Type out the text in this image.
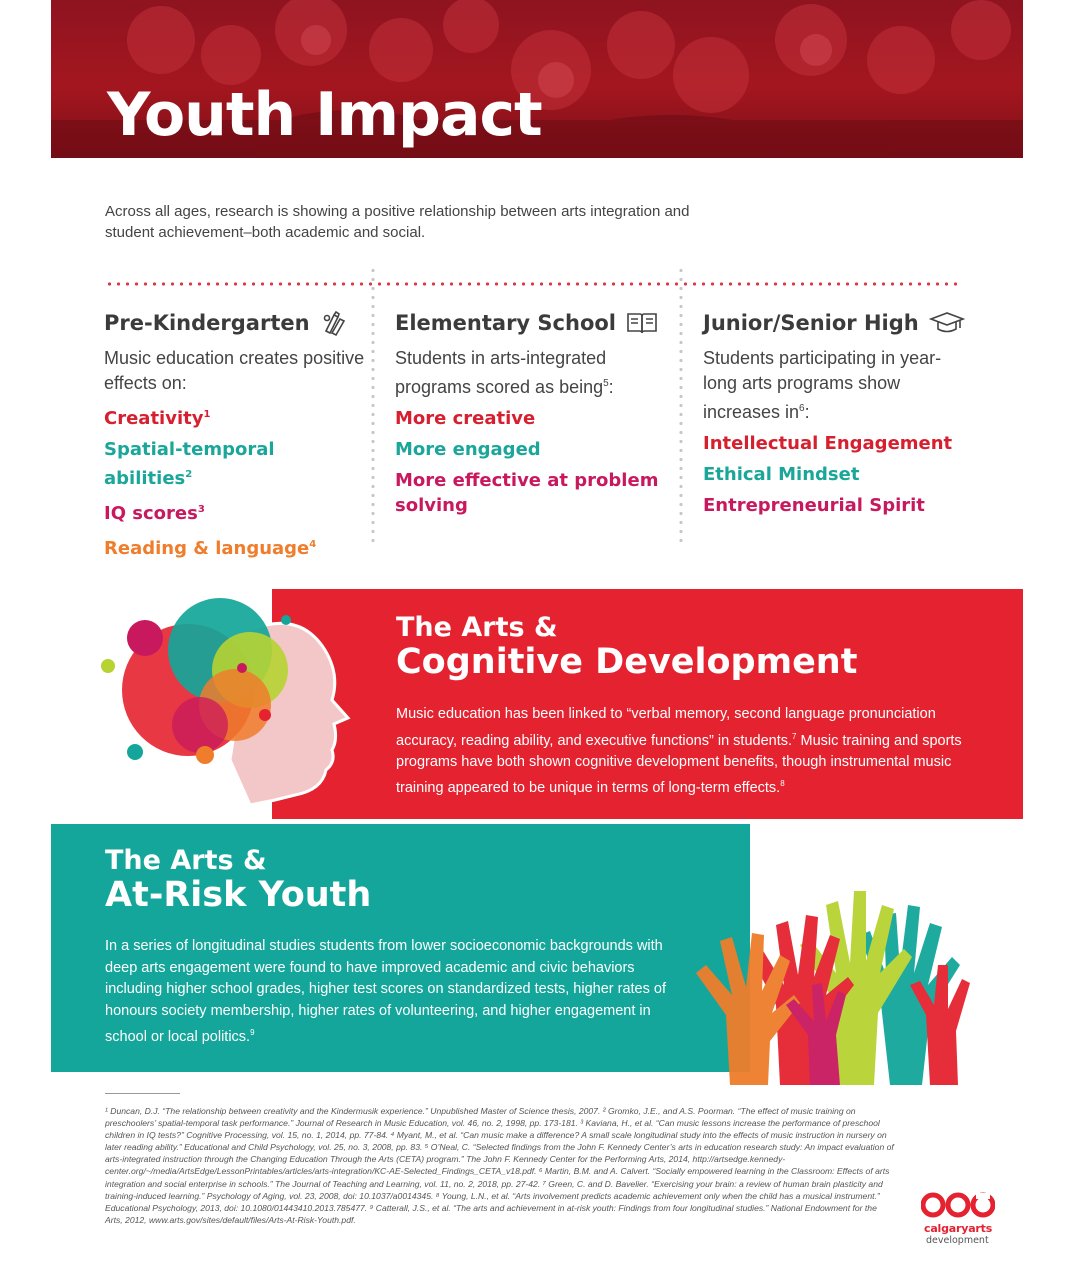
Youth Impact

Across all ages, research is showing a positive relationship between arts integration and student achievement–both academic and social.

Pre-Kindergarten
Music education creates positive effects on:
Creativity$^1$
Spatial-temporal abilities$^2$
IQ scores$^3$
Reading & language$^4$
Elementary School
Students in arts-integrated programs scored as being$^5$:
More creative
More engaged
More effective at problem solving
Junior/Senior High
Students participating in year-long arts programs show increases $in^6$:
Intellectual Engagement
Ethical Mindset
Entrepreneurial Spirit
The Arts &
Cognitive Development

Music education has been linked to “verbal memory, second language pronunciation accuracy, reading ability, and executive functions” in students.$^7$ Music training and sports programs have both shown cognitive development benefits, though instrumental music training appeared to be unique in terms of long-term effects.$^8$

The Arts &
At-Risk Youth

In a series of longitudinal studies students from lower socioeconomic backgrounds with deep arts engagement were found to have improved academic and civic behaviors including higher school grades, higher test scores on standardized tests, higher rates of honours society membership, higher rates of volunteering, and higher engagement in school or local politics.$^9$

¹ Duncan, D.J. “The relationship between creativity and the Kindermusik experience.” Unpublished Master of Science thesis, 2007. ² Gromko, J.E., and A.S. Poorman. “The effect of music training on preschoolers’ spatial-temporal task performance.” Journal of Research in Music Education, vol. 46, no. 2, 1998, pp. 173-181. ³ Kaviana, H., et al. “Can music lessons increase the performance of preschool children in IQ tests?” Cognitive Processing, vol. 15, no. 1, 2014, pp. 77-84. ⁴ Myant, M., et al. “Can music make a difference? A small scale longitudinal study into the effects of music instruction in nursery on later reading ability.” Educational and Child Psychology, vol. 25, no. 3, 2008, pp. 83. ⁵ O’Neal, C. “Selected findings from the John F. Kennedy Center’s arts in education research study: An impact evaluation of arts-integrated instruction through the Changing Education Through the Arts (CETA) program.” The John F. Kennedy Center for the Performing Arts, 2014, http://artsedge.kennedy-center.org/~/media/ArtsEdge/LessonPrintables/articles/arts-integration/KC-AE-Selected_Findings_CETA_v18.pdf. ⁶ Martin, B.M. and A. Calvert. “Socially empowered learning in the Classroom: Effects of arts integration and social enterprise in schools.” The Journal of Teaching and Learning, vol. 11, no. 2, 2018, pp. 27-42. ⁷ Green, C. and D. Bavelier. “Exercising your brain: a review of human brain plasticity and training-induced learning.” Psychology of Aging, vol. 23, 2008, doi: 10.1037/a0014345. ⁸ Young, L.N., et al. “Arts involvement predicts academic achievement only when the child has a musical instrument.” Educational Psychology, 2013, doi: 10.1080/01443410.2013.785477. ⁹ Catterall, J.S., et al. “The arts and achievement in at-risk youth: Findings from four longitudinal studies.” National Endowment for the Arts, 2012, www.arts.gov/sites/default/files/Arts-At-Risk-Youth.pdf.

calgaryarts
development
